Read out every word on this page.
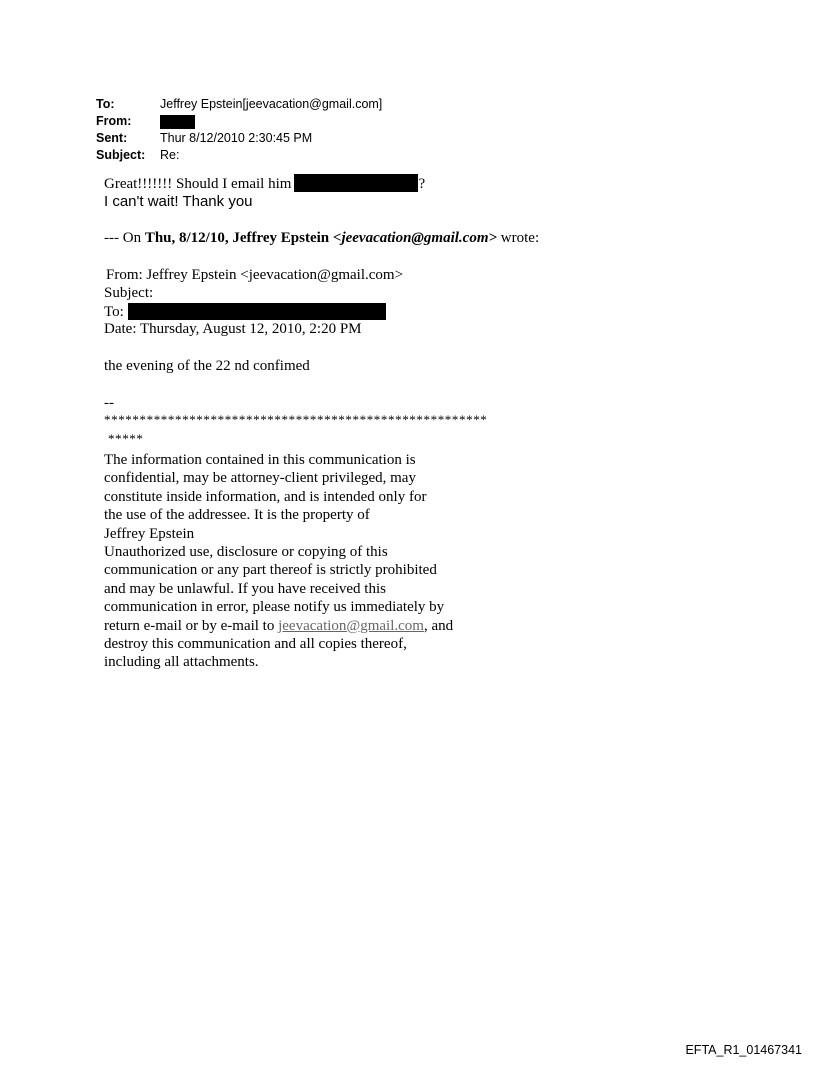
To:	Jeffrey Epstein[jeevacation@gmail.com]
From:
Sent:	Thur 8/12/2010 2:30:45 PM
Subject:	Re:
Great!!!!!!! Should I email him	?
I can't wait! Thank you
--- On Thu, 8/12/10, Jeffrey Epstein <jeevacation@gmail.com> wrote:
From: Jeffrey Epstein <jeevacation@gmail.com>
Subject:
To:
Date: Thursday, August 12, 2010, 2:20 PM
the evening of the 22 nd confimed
--
******************************************************
*****
The information contained in this communication is
confidential, may be attorney-client privileged, may
constitute inside information, and is intended only for
the use of the addressee. It is the property of
Jeffrey Epstein
Unauthorized use, disclosure or copying of this
communication or any part thereof is strictly prohibited
and may be unlawful. If you have received this
communication in error, please notify us immediately by
return e-mail or by e-mail to jeevacation@gmail.com, and
destroy this communication and all copies thereof,
including all attachments.
EFTA_R1_01467341
